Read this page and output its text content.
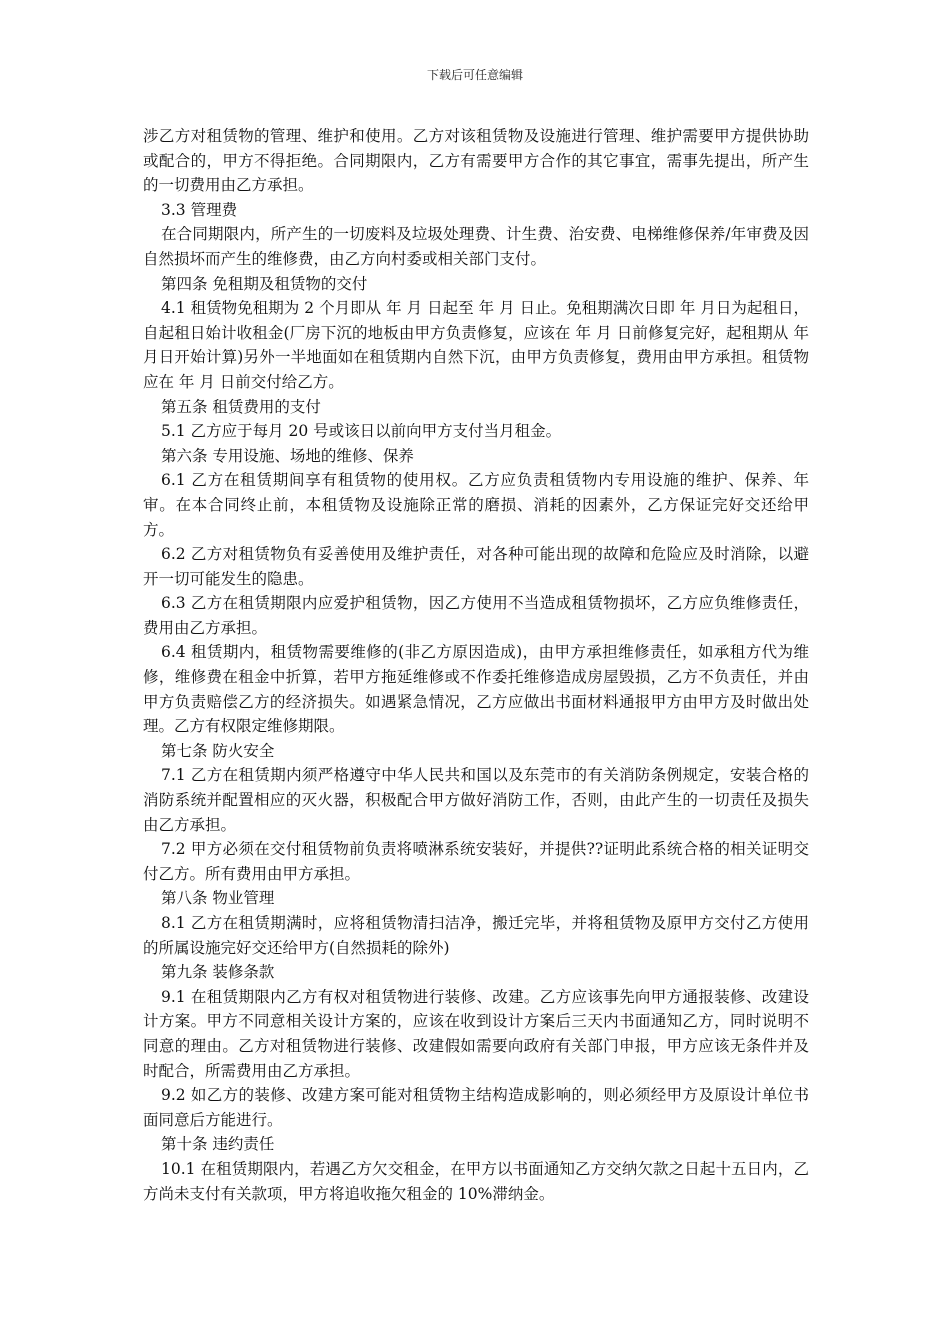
下载后可任意编辑

涉乙方对租赁物的管理、维护和使用。乙方对该租赁物及设施进行管理、维护需要甲方提供协助或配合的，甲方不得拒绝。合同期限内，乙方有需要甲方合作的其它事宜，需事先提出，所产生的一切费用由乙方承担。

3.3 管理费

在合同期限内，所产生的一切废料及垃圾处理费、计生费、治安费、电梯维修保养/年审费及因自然损坏而产生的维修费，由乙方向村委或相关部门支付。

第四条 免租期及租赁物的交付

4.1 租赁物免租期为 2 个月即从 年 月 日起至 年 月 日止。免租期满次日即 年 月日为起租日，自起租日始计收租金(厂房下沉的地板由甲方负责修复，应该在 年 月 日前修复完好，起租期从 年 月日开始计算)另外一半地面如在租赁期内自然下沉，由甲方负责修复，费用由甲方承担。租赁物应在 年 月 日前交付给乙方。

第五条 租赁费用的支付

5.1 乙方应于每月 20 号或该日以前向甲方支付当月租金。

第六条 专用设施、场地的维修、保养

6.1 乙方在租赁期间享有租赁物的使用权。乙方应负责租赁物内专用设施的维护、保养、年审。在本合同终止前，本租赁物及设施除正常的磨损、消耗的因素外，乙方保证完好交还给甲方。

6.2 乙方对租赁物负有妥善使用及维护责任，对各种可能出现的故障和危险应及时消除，以避开一切可能发生的隐患。

6.3 乙方在租赁期限内应爱护租赁物，因乙方使用不当造成租赁物损坏，乙方应负维修责任，费用由乙方承担。

6.4 租赁期内，租赁物需要维修的(非乙方原因造成)，由甲方承担维修责任，如承租方代为维修，维修费在租金中折算，若甲方拖延维修或不作委托维修造成房屋毁损，乙方不负责任，并由甲方负责赔偿乙方的经济损失。如遇紧急情况，乙方应做出书面材料通报甲方由甲方及时做出处理。乙方有权限定维修期限。

第七条 防火安全

7.1 乙方在租赁期内须严格遵守中华人民共和国以及东莞市的有关消防条例规定，安装合格的消防系统并配置相应的灭火器，积极配合甲方做好消防工作，否则，由此产生的一切责任及损失由乙方承担。

7.2 甲方必须在交付租赁物前负责将喷淋系统安装好，并提供??证明此系统合格的相关证明交付乙方。所有费用由甲方承担。

第八条 物业管理

8.1 乙方在租赁期满时，应将租赁物清扫洁净，搬迁完毕，并将租赁物及原甲方交付乙方使用的所属设施完好交还给甲方(自然损耗的除外)

第九条 装修条款

9.1 在租赁期限内乙方有权对租赁物进行装修、改建。乙方应该事先向甲方通报装修、改建设计方案。甲方不同意相关设计方案的，应该在收到设计方案后三天内书面通知乙方，同时说明不同意的理由。乙方对租赁物进行装修、改建假如需要向政府有关部门申报，甲方应该无条件并及时配合，所需费用由乙方承担。

9.2 如乙方的装修、改建方案可能对租赁物主结构造成影响的，则必须经甲方及原设计单位书面同意后方能进行。

第十条 违约责任

10.1 在租赁期限内，若遇乙方欠交租金，在甲方以书面通知乙方交纳欠款之日起十五日内，乙方尚未支付有关款项，甲方将追收拖欠租金的 10%滞纳金。
